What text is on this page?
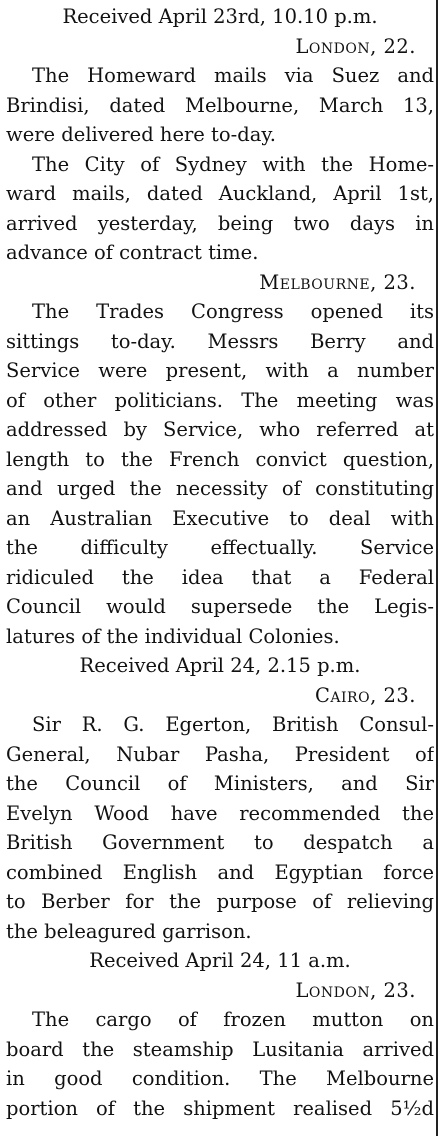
Received April 23rd, 10.10 p.m.
London, 22.
The Homeward mails via Suez and
Brindisi, dated Melbourne, March 13,
were delivered here to-day.
The City of Sydney with the Home-
ward mails, dated Auckland, April 1st,
arrived yesterday, being two days in
advance of contract time.
Melbourne, 23.
The Trades Congress opened its
sittings to-day. Messrs Berry and
Service were present, with a number
of other politicians. The meeting was
addressed by Service, who referred at
length to the French convict question,
and urged the necessity of constituting
an Australian Executive to deal with
the difficulty effectually. Service
ridiculed the idea that a Federal
Council would supersede the Legis-
latures of the individual Colonies.
Received April 24, 2.15 p.m.
Cairo, 23.
Sir R. G. Egerton, British Consul-
General, Nubar Pasha, President of
the Council of Ministers, and Sir
Evelyn Wood have recommended the
British Government to despatch a
combined English and Egyptian force
to Berber for the purpose of relieving
the beleagured garrison.
Received April 24, 11 a.m.
London, 23.
The cargo of frozen mutton on
board the steamship Lusitania arrived
in good condition. The Melbourne
portion of the shipment realised 5½d
